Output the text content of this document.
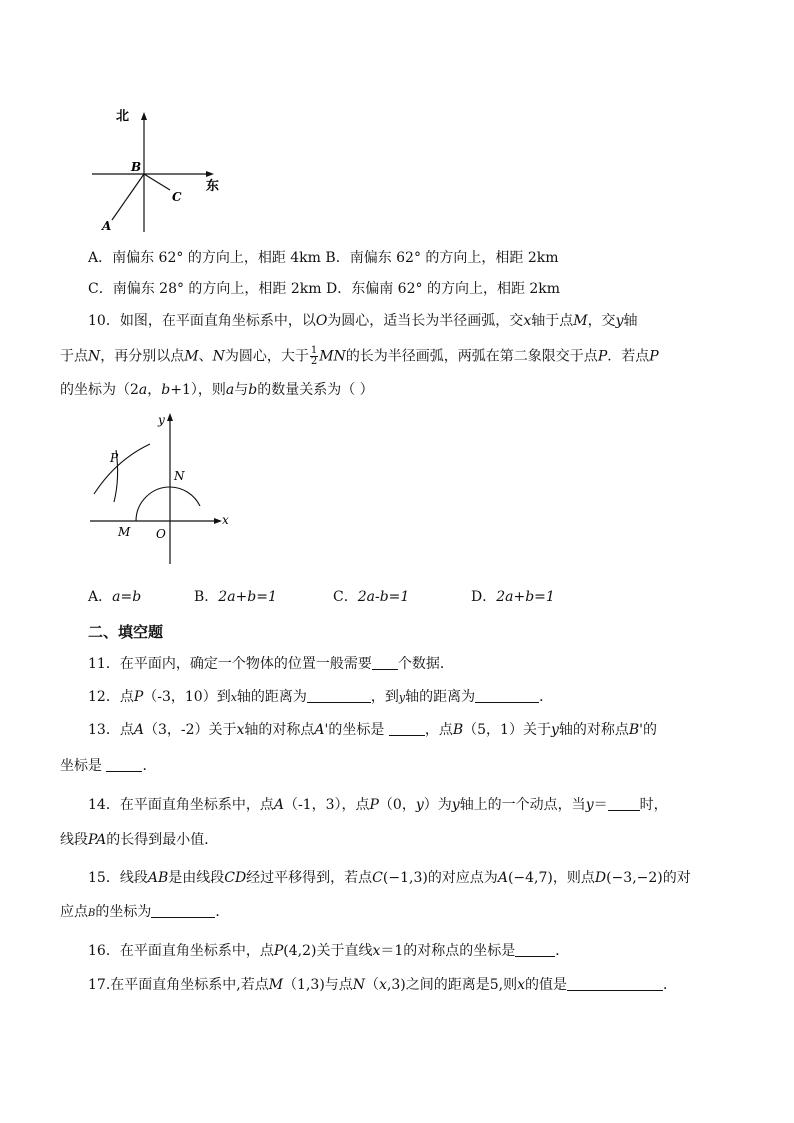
北
东
B
C
A
A．南偏东 62° 的方向上，相距 4km B．南偏东 62° 的方向上，相距 2km
C．南偏东 28° 的方向上，相距 2km D．东偏南 62° 的方向上，相距 2km
10．如图，在平面直角坐标系中，以O为圆心，适当长为半径画弧，交x轴于点M，交y轴
于点N，再分别以点M、N为圆心，大于 $\frac{1}{2}$ MN的长为半径画弧，两弧在第二象限交于点P．若点P
的坐标为（2a，b+1），则a与b的数量关系为（ ）
y
x
P
N
M O
A．a=b	B．2a+b=1	C．2a-b=1	D．2a+b=1
二、填空题
11．在平面内，确定一个物体的位置一般需要 个数据．
12．点P（-3，10）到x轴的距离为	，到y轴的距离为	．
13．点A（3，-2）关于x轴的对称点A'的坐标是	，点B（5，1）关于y轴的对称点B'的
坐标是	．
14．在平面直角坐标系中，点A（-1，3），点P（0，y）为y轴上的一个动点，当y＝ 时，
线段PA的长得到最小值．
15．线段AB是由线段CD经过平移得到，若点C(−1,3)的对应点为A(−4,7)，则点D(−3,−2)的对
应点B的坐标为	．
16．在平面直角坐标系中，点P(4,2)关于直线x＝1的对称点的坐标是	．
17.在平面直角坐标系中,若点M（1,3)与点N（x,3)之间的距离是5,则x的值是	．
